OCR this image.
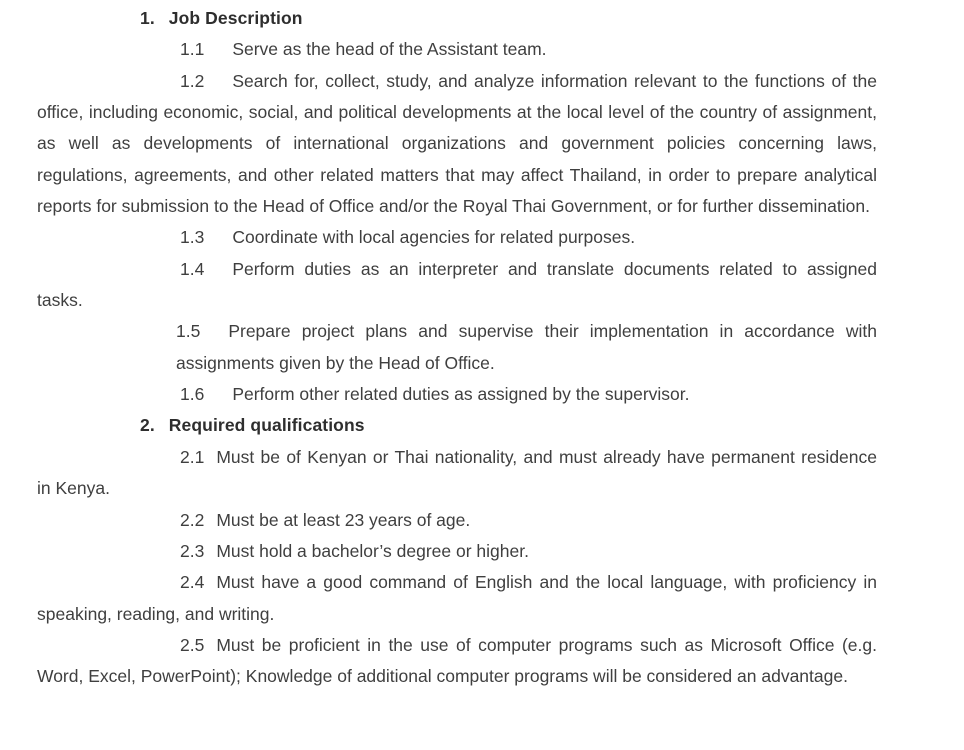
1. Job Description

1.1 Serve as the head of the Assistant team.

1.2 Search for, collect, study, and analyze information relevant to the functions of the office, including economic, social, and political developments at the local level of the country of assignment, as well as developments of international organizations and government policies concerning laws, regulations, agreements, and other related matters that may affect Thailand, in order to prepare analytical reports for submission to the Head of Office and/or the Royal Thai Government, or for further dissemination.

1.3 Coordinate with local agencies for related purposes.

1.4 Perform duties as an interpreter and translate documents related to assigned tasks.

1.5 Prepare project plans and supervise their implementation in accordance with assignments given by the Head of Office.

1.6 Perform other related duties as assigned by the supervisor.

2. Required qualifications

2.1 Must be of Kenyan or Thai nationality, and must already have permanent residence in Kenya.

2.2 Must be at least 23 years of age.

2.3 Must hold a bachelor’s degree or higher.

2.4 Must have a good command of English and the local language, with proficiency in speaking, reading, and writing.

2.5 Must be proficient in the use of computer programs such as Microsoft Office (e.g. Word, Excel, PowerPoint); Knowledge of additional computer programs will be considered an advantage.
